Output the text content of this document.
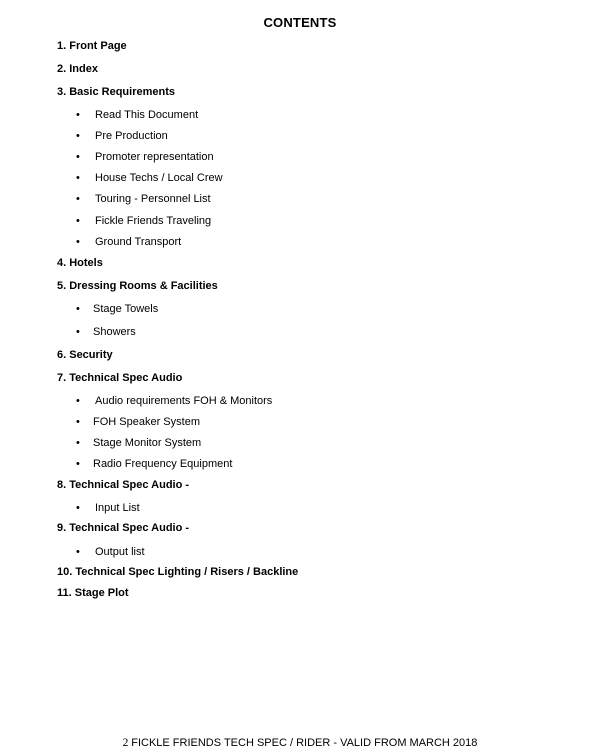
CONTENTS
1. Front Page
2. Index
3. Basic Requirements
• Read This Document
• Pre Production
• Promoter representation
• House Techs / Local Crew
• Touring - Personnel List
• Fickle Friends Traveling
• Ground Transport
4. Hotels
5. Dressing Rooms & Facilities
• Stage Towels
• Showers
6. Security
7. Technical Spec Audio
• Audio requirements FOH & Monitors
• FOH Speaker System
• Stage Monitor System
• Radio Frequency Equipment
8. Technical Spec Audio -
• Input List
9. Technical Spec Audio -
• Output list
10. Technical Spec Lighting / Risers / Backline
11. Stage Plot
2 FICKLE FRIENDS TECH SPEC / RIDER - VALID FROM MARCH 2018
